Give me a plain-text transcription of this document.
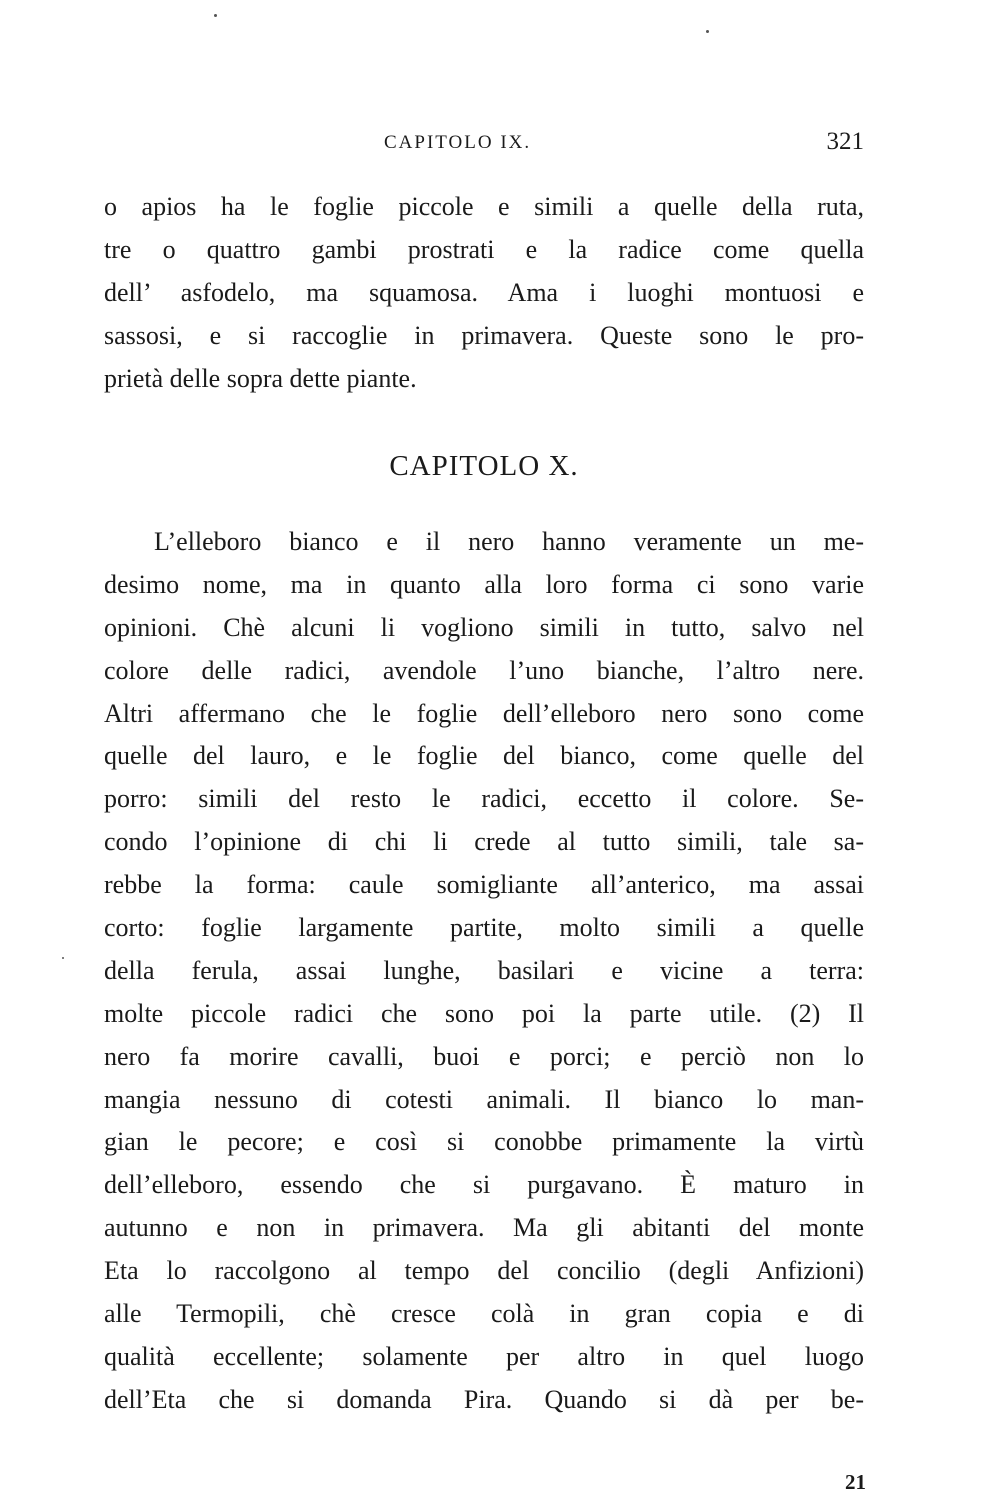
CAPITOLO IX.	321
o apios ha le foglie piccole e simili a quelle della ruta,
tre o quattro gambi prostrati e la radice come quella
dell’ asfodelo, ma squamosa. Ama i luoghi montuosi e
sassosi, e si raccoglie in primavera. Queste sono le pro-
prietà delle sopra dette piante.
CAPITOLO X.
L’elleboro bianco e il nero hanno veramente un me-
desimo nome, ma in quanto alla loro forma ci sono varie
opinioni. Chè alcuni li vogliono simili in tutto, salvo nel
colore delle radici, avendole l’uno bianche, l’altro nere.
Altri affermano che le foglie dell’elleboro nero sono come
quelle del lauro, e le foglie del bianco, come quelle del
porro: simili del resto le radici, eccetto il colore. Se-
condo l’opinione di chi li crede al tutto simili, tale sa-
rebbe la forma: caule somigliante all’anterico, ma assai
corto: foglie largamente partite, molto simili a quelle
della ferula, assai lunghe, basilari e vicine a terra:
molte piccole radici che sono poi la parte utile. (2) Il
nero fa morire cavalli, buoi e porci; e perciò non lo
mangia nessuno di cotesti animali. Il bianco lo man-
gian le pecore; e così si conobbe primamente la virtù
dell’elleboro, essendo che si purgavano. È maturo in
autunno e non in primavera. Ma gli abitanti del monte
Eta lo raccolgono al tempo del concilio (degli Anfizioni)
alle Termopili, chè cresce colà in gran copia e di
qualità eccellente; solamente per altro in quel luogo
dell’Eta che si domanda Pira. Quando si dà per be-
21
